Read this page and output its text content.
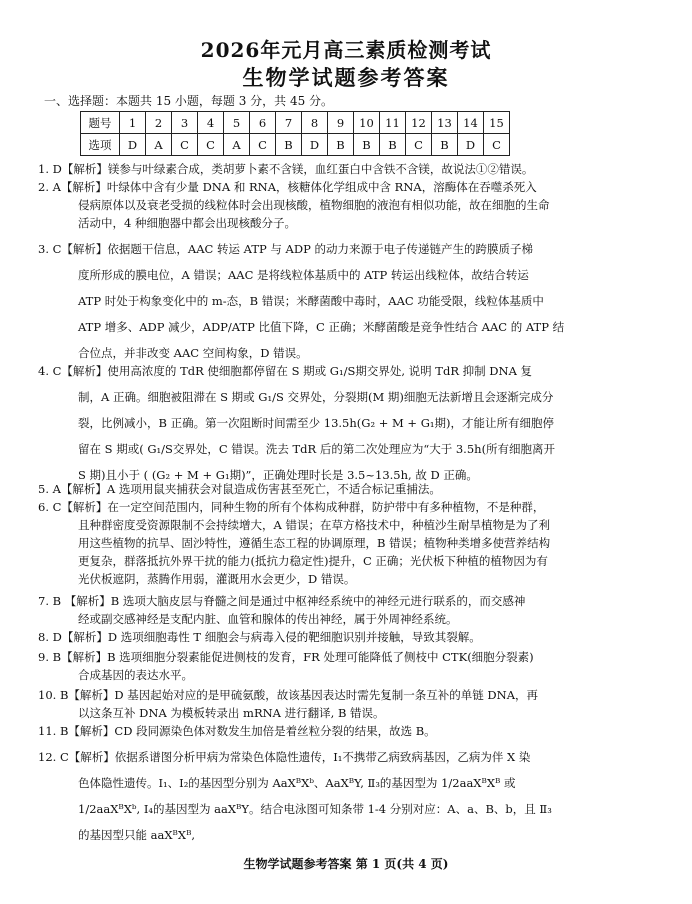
2026年元月高三素质检测考试
生物学试题参考答案
一、选择题：本题共 15 小题，每题 3 分，共 45 分。
题号	1	2	3	4	5	6	7	8	9	10	11	12	13	14	15
选项	D	A	C	C	A	C	B	D	B	B	B	C	B	D	C
1. D【解析】镁参与叶绿素合成，类胡萝卜素不含镁，血红蛋白中含铁不含镁，故说法①②错误。
2. A【解析】叶绿体中含有少量 DNA 和 RNA，核糖体化学组成中含 RNA，溶酶体在吞噬杀死入
侵病原体以及衰老受损的线粒体时会出现核酸，植物细胞的液泡有相似功能，故在细胞的生命
活动中，4 种细胞器中都会出现核酸分子。
3. C【解析】依据题干信息，AAC 转运 ATP 与 ADP 的动力来源于电子传递链产生的跨膜质子梯
度所形成的膜电位，A 错误；AAC 是将线粒体基质中的 ATP 转运出线粒体，故结合转运
ATP 时处于构象变化中的 m-态，B 错误；米酵菌酸中毒时，AAC 功能受限，线粒体基质中
ATP 增多、ADP 减少，ADP/ATP 比值下降，C 正确；米酵菌酸是竞争性结合 AAC 的 ATP 结
合位点，并非改变 AAC 空间构象，D 错误。
4. C【解析】使用高浓度的 TdR 使细胞都停留在 S 期或 G₁/S期交界处, 说明 TdR 抑制 DNA 复
制，A 正确。细胞被阻滞在 S 期或 G₁/S 交界处，分裂期(M 期)细胞无法新增且会逐渐完成分
裂，比例减小，B 正确。第一次阻断时间需至少 13.5h(G₂ + M + G₁期)，才能让所有细胞停
留在 S 期或( G₁/S交界处，C 错误。洗去 TdR 后的第二次处理应为“大于 3.5h(所有细胞离开
S 期)且小于 ( (G₂ + M + G₁期)”，正确处理时长是 3.5~13.5h, 故 D 正确。
5. A【解析】A 选项用鼠夹捕获会对鼠造成伤害甚至死亡，不适合标记重捕法。
6. C【解析】在一定空间范围内，同种生物的所有个体构成种群，防护带中有多种植物，不是种群，
且种群密度受资源限制不会持续增大，A 错误；在草方格技术中，种植沙生耐旱植物是为了利
用这些植物的抗旱、固沙特性，遵循生态工程的协调原理，B 错误；植物种类增多使营养结构
更复杂，群落抵抗外界干扰的能力(抵抗力稳定性)提升，C 正确；光伏板下种植的植物因为有
光伏板遮阴，蒸腾作用弱，灌溉用水会更少，D 错误。
7. B 【解析】B 选项大脑皮层与脊髓之间是通过中枢神经系统中的神经元进行联系的，而交感神
经或副交感神经是支配内脏、血管和腺体的传出神经，属于外周神经系统。
8. D【解析】D 选项细胞毒性 T 细胞会与病毒入侵的靶细胞识别并接触，导致其裂解。
9. B【解析】B 选项细胞分裂素能促进侧枝的发育，FR 处理可能降低了侧枝中 CTK(细胞分裂素)
合成基因的表达水平。
10. B【解析】D 基因起始对应的是甲硫氨酸，故该基因表达时需先复制一条互补的单链 DNA，再
以这条互补 DNA 为模板转录出 mRNA 进行翻译, B 错误。
11. B【解析】CD 段同源染色体对数发生加倍是着丝粒分裂的结果，故选 B。
12. C【解析】依据系谱图分析甲病为常染色体隐性遗传，Ⅰ₁不携带乙病致病基因，乙病为伴 X 染
色体隐性遗传。Ⅰ₁、Ⅰ₂的基因型分别为 AaXᴮXᵇ、AaXᴮY, Ⅱ₃的基因型为 1/2aaXᴮXᴮ 或
1/2aaXᴮXᵇ, Ⅰ₄的基因型为 aaXᴮY。结合电泳图可知条带 1-4 分别对应：A、a、B、b，且 Ⅱ₃
的基因型只能 aaXᴮXᴮ,
生物学试题参考答案 第 1 页(共 4 页)
